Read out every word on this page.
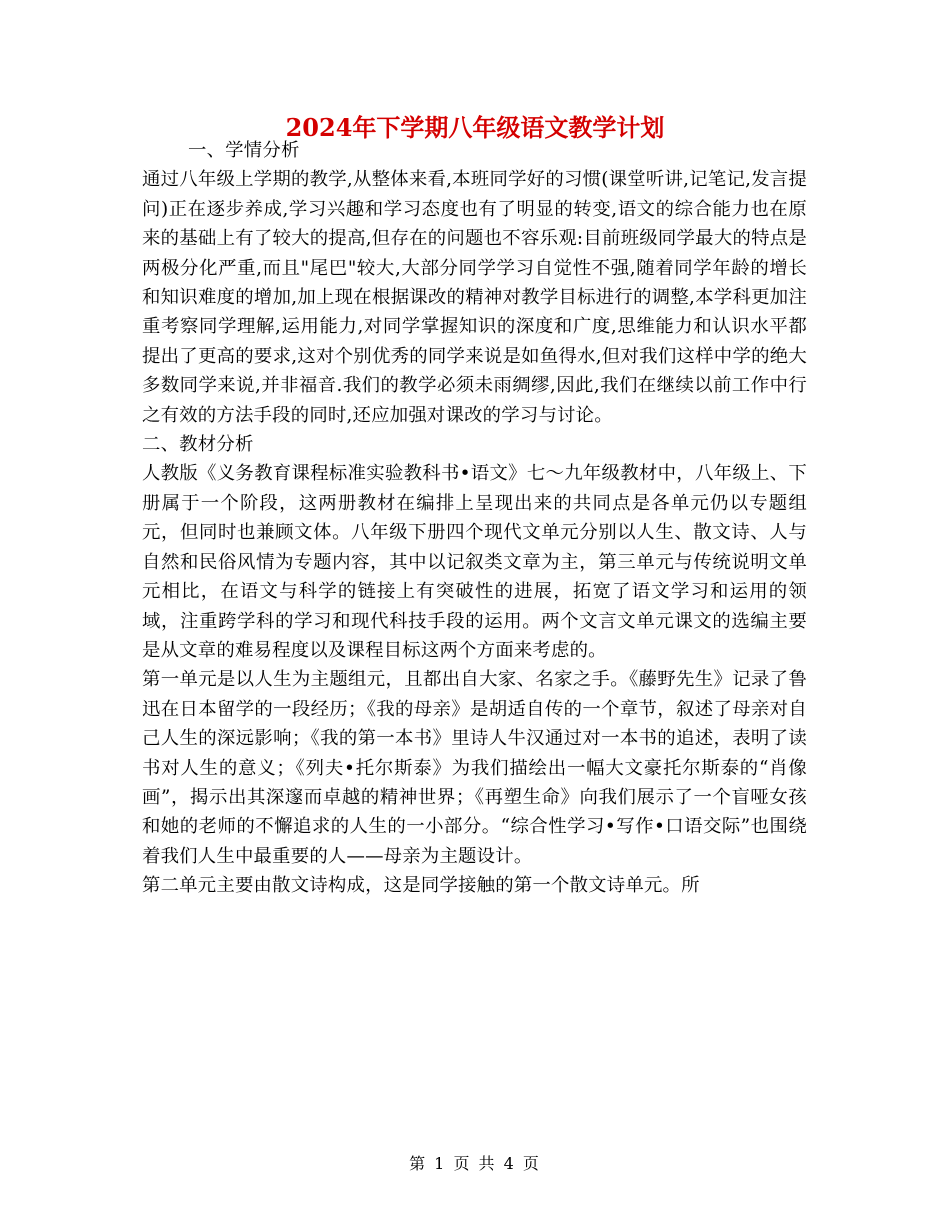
2024年下学期八年级语文教学计划

一、学情分析

通过八年级上学期的教学,从整体来看,本班同学好的习惯(课堂听讲,记笔记,发言提问)正在逐步养成,学习兴趣和学习态度也有了明显的转变,语文的综合能力也在原来的基础上有了较大的提高,但存在的问题也不容乐观:目前班级同学最大的特点是两极分化严重,而且"尾巴"较大,大部分同学学习自觉性不强,随着同学年龄的增长和知识难度的增加,加上现在根据课改的精神对教学目标进行的调整,本学科更加注重考察同学理解,运用能力,对同学掌握知识的深度和广度,思维能力和认识水平都提出了更高的要求,这对个别优秀的同学来说是如鱼得水,但对我们这样中学的绝大多数同学来说,并非福音.我们的教学必须未雨绸缪,因此,我们在继续以前工作中行之有效的方法手段的同时,还应加强对课改的学习与讨论。

二、教材分析

人教版《义务教育课程标准实验教科书•语文》七～九年级教材中，八年级上、下册属于一个阶段，这两册教材在编排上呈现出来的共同点是各单元仍以专题组元，但同时也兼顾文体。八年级下册四个现代文单元分别以人生、散文诗、人与自然和民俗风情为专题内容，其中以记叙类文章为主，第三单元与传统说明文单元相比，在语文与科学的链接上有突破性的进展，拓宽了语文学习和运用的领域，注重跨学科的学习和现代科技手段的运用。两个文言文单元课文的选编主要是从文章的难易程度以及课程目标这两个方面来考虑的。

第一单元是以人生为主题组元，且都出自大家、名家之手。《藤野先生》记录了鲁迅在日本留学的一段经历；《我的母亲》是胡适自传的一个章节，叙述了母亲对自己人生的深远影响；《我的第一本书》里诗人牛汉通过对一本书的追述，表明了读书对人生的意义；《列夫•托尔斯泰》为我们描绘出一幅大文豪托尔斯泰的“肖像画”，揭示出其深邃而卓越的精神世界；《再塑生命》向我们展示了一个盲哑女孩和她的老师的不懈追求的人生的一小部分。“综合性学习•写作•口语交际”也围绕着我们人生中最重要的人——母亲为主题设计。

第二单元主要由散文诗构成，这是同学接触的第一个散文诗单元。所

第 1 页 共 4 页
